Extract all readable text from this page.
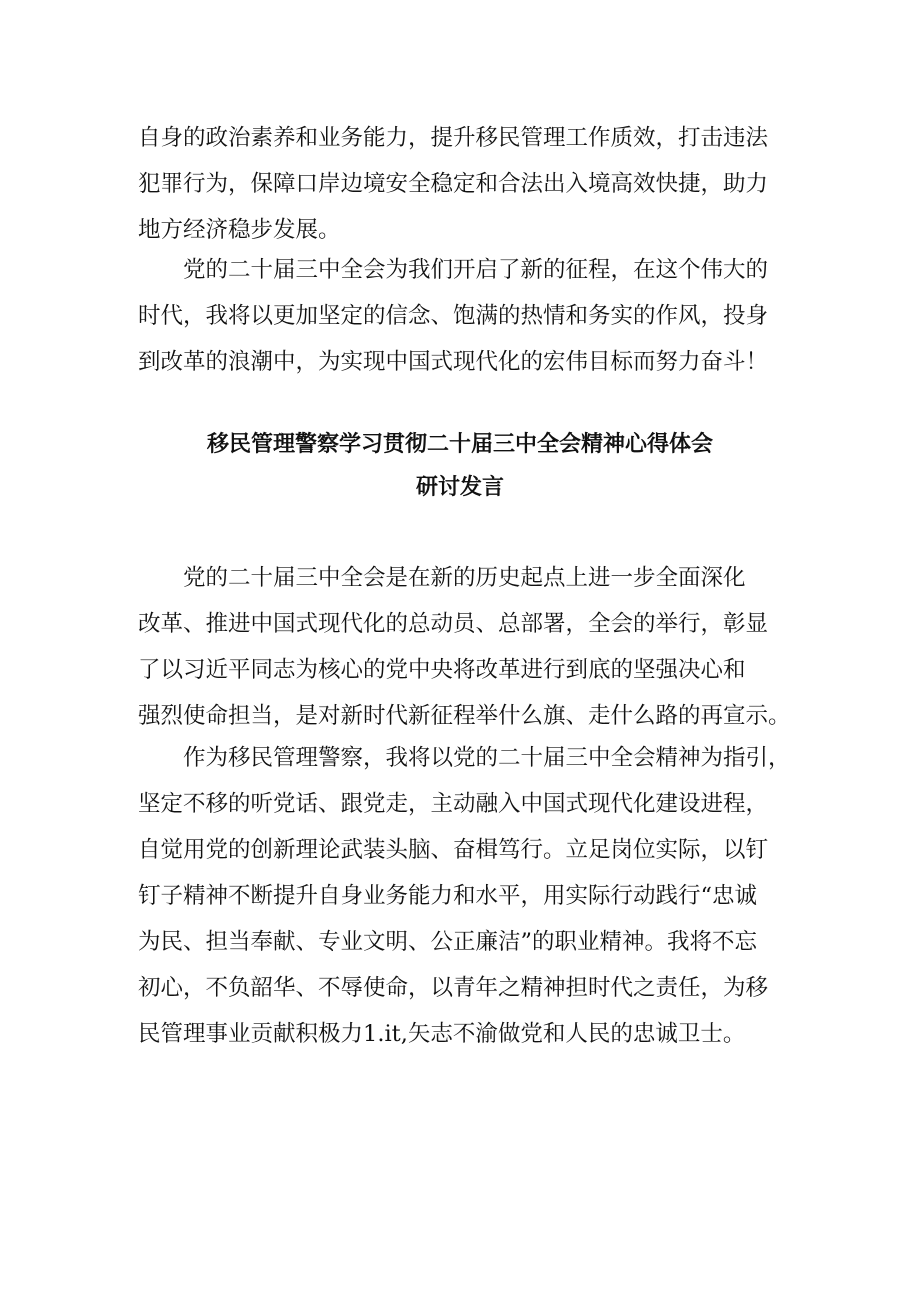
自身的政治素养和业务能力，提升移民管理工作质效，打击违法
犯罪行为，保障口岸边境安全稳定和合法出入境高效快捷，助力
地方经济稳步发展。
党的二十届三中全会为我们开启了新的征程，在这个伟大的
时代，我将以更加坚定的信念、饱满的热情和务实的作风，投身
到改革的浪潮中，为实现中国式现代化的宏伟目标而努力奋斗！
移民管理警察学习贯彻二十届三中全会精神心得体会
研讨发言
党的二十届三中全会是在新的历史起点上进一步全面深化
改革、推进中国式现代化的总动员、总部署，全会的举行，彰显
了以习近平同志为核心的党中央将改革进行到底的坚强决心和
强烈使命担当，是对新时代新征程举什么旗、走什么路的再宣示。
作为移民管理警察，我将以党的二十届三中全会精神为指引，
坚定不移的听党话、跟党走，主动融入中国式现代化建设进程，
自觉用党的创新理论武装头脑、奋楫笃行。立足岗位实际，以钉
钉子精神不断提升自身业务能力和水平，用实际行动践行“忠诚
为民、担当奉献、专业文明、公正廉洁”的职业精神。我将不忘
初心，不负韶华、不辱使命，以青年之精神担时代之责任，为移
民管理事业贡献积极力1.it,矢志不渝做党和人民的忠诚卫士。
